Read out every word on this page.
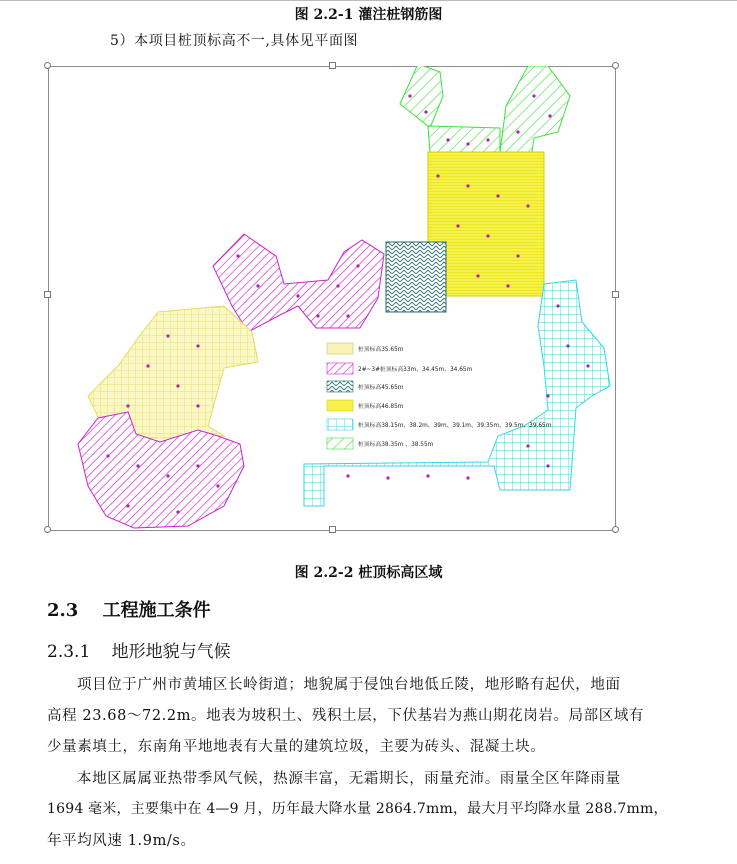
图 2.2-1 灌注桩钢筋图
5）本项目桩顶标高不一,具体见平面图
桩顶标高35.65m
2#~3#桩顶标高33m、34.45m、34.65m
桩顶标高45.65m
桩顶标高46.85m
桩顶标高38.15m、38.2m、39m、39.1m、39.35m、39.5m、39.65m
桩顶标高38.35m 、38.55m
图 2.2-2 桩顶标高区域
2.3 工程施工条件
2.3.1 地形地貌与气候
项目位于广州市黄埔区长岭街道；地貌属于侵蚀台地低丘陵，地形略有起伏，地面
高程 23.68～72.2m。地表为坡积土、残积土层，下伏基岩为燕山期花岗岩。局部区域有
少量素填土，东南角平地地表有大量的建筑垃圾，主要为砖头、混凝土块。
本地区属属亚热带季风气候，热源丰富，无霜期长，雨量充沛。雨量全区年降雨量
1694 毫米，主要集中在 4—9 月，历年最大降水量 2864.7mm，最大月平均降水量 288.7mm，
年平均风速 1.9m/s。
